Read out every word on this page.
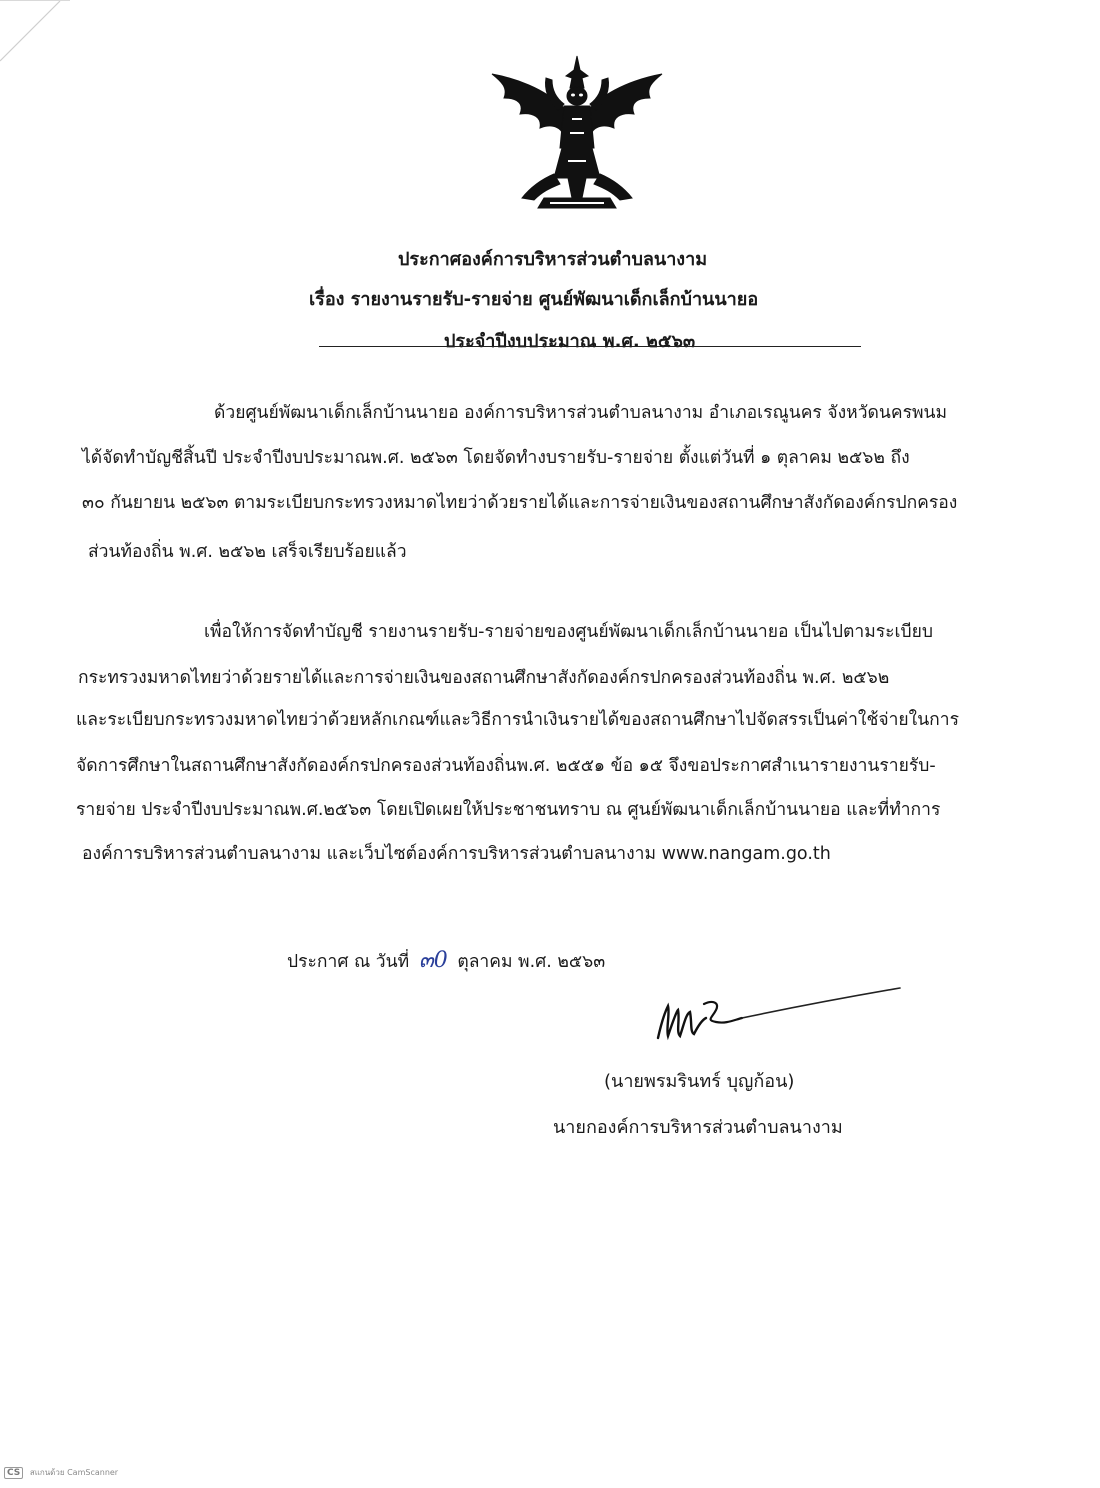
ประกาศองค์การบริหารส่วนตำบลนางาม
เรื่อง รายงานรายรับ-รายจ่าย ศูนย์พัฒนาเด็กเล็กบ้านนายอ
ประจำปีงบประมาณ พ.ศ. ๒๕๖๓
ด้วยศูนย์พัฒนาเด็กเล็กบ้านนายอ องค์การบริหารส่วนตำบลนางาม อำเภอเรณูนคร จังหวัดนครพนม
ได้จัดทำบัญชีสิ้นปี ประจำปีงบประมาณพ.ศ. ๒๕๖๓ โดยจัดทำงบรายรับ-รายจ่าย ตั้งแต่วันที่ ๑ ตุลาคม ๒๕๖๒ ถึง
๓๐ กันยายน ๒๕๖๓ ตามระเบียบกระทรวงหมาดไทยว่าด้วยรายได้และการจ่ายเงินของสถานศึกษาสังกัดองค์กรปกครอง
ส่วนท้องถิ่น พ.ศ. ๒๕๖๒ เสร็จเรียบร้อยแล้ว
เพื่อให้การจัดทำบัญชี รายงานรายรับ-รายจ่ายของศูนย์พัฒนาเด็กเล็กบ้านนายอ เป็นไปตามระเบียบ
กระทรวงมหาดไทยว่าด้วยรายได้และการจ่ายเงินของสถานศึกษาสังกัดองค์กรปกครองส่วนท้องถิ่น พ.ศ. ๒๕๖๒
และระเบียบกระทรวงมหาดไทยว่าด้วยหลักเกณฑ์และวิธีการนำเงินรายได้ของสถานศึกษาไปจัดสรรเป็นค่าใช้จ่ายในการ
จัดการศึกษาในสถานศึกษาสังกัดองค์กรปกครองส่วนท้องถิ่นพ.ศ. ๒๕๕๑ ข้อ ๑๕ จึงขอประกาศสำเนารายงานรายรับ-
รายจ่าย ประจำปีงบประมาณพ.ศ.๒๕๖๓ โดยเปิดเผยให้ประชาชนทราบ ณ ศูนย์พัฒนาเด็กเล็กบ้านนายอ และที่ทำการ
องค์การบริหารส่วนตำบลนางาม และเว็บไซต์องค์การบริหารส่วนตำบลนางาม www.nangam.go.th
ประกาศ ณ วันที่ ๓0 ตุลาคม พ.ศ. ๒๕๖๓
(นายพรมรินทร์ บุญก้อน)
นายกองค์การบริหารส่วนตำบลนางาม
CS สแกนด้วย CamScanner
